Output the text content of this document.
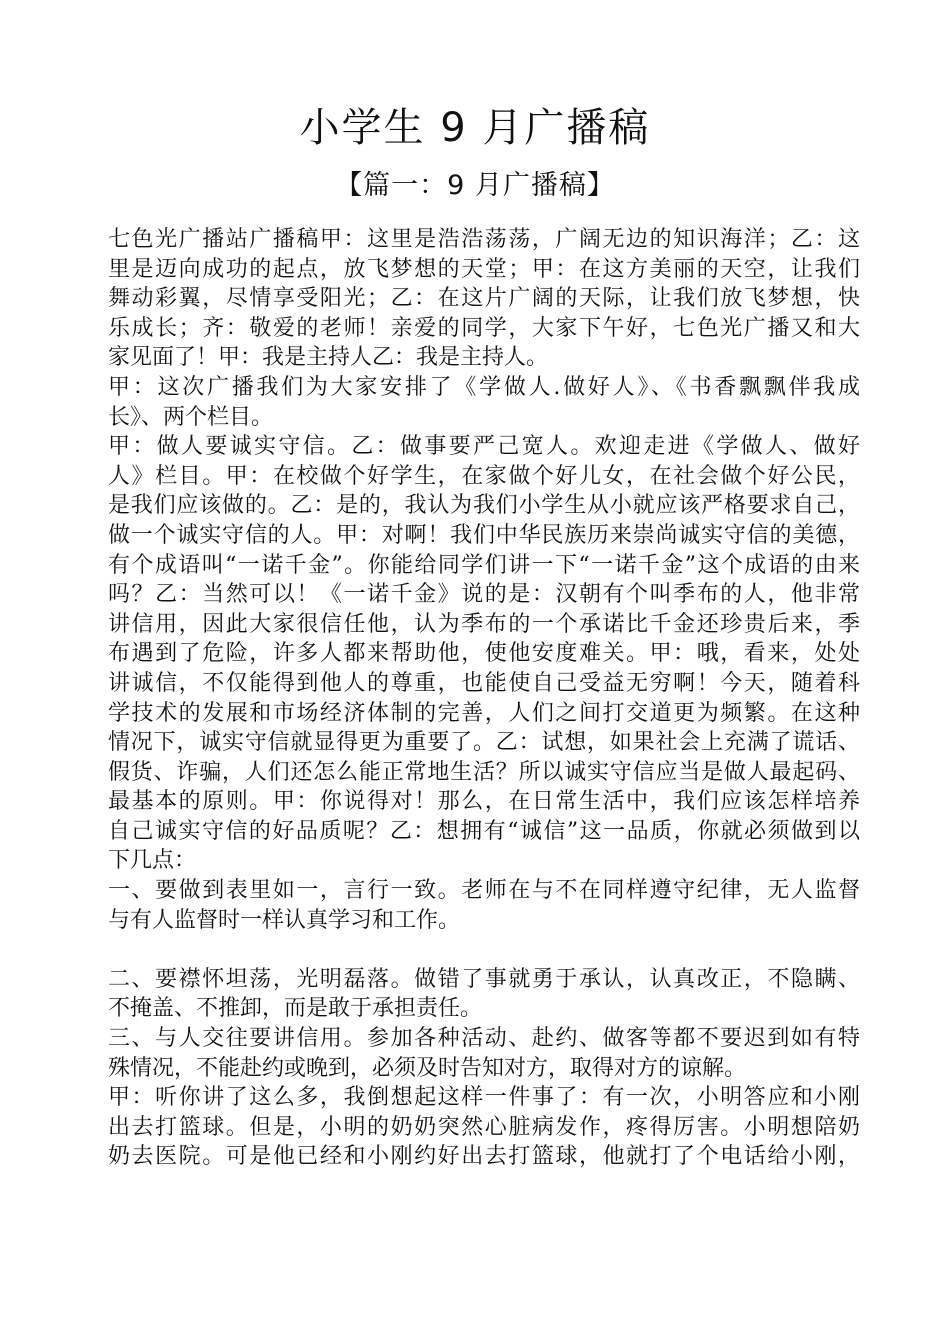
小学生 9 月广播稿
【篇一：9 月广播稿】
七色光广播站广播稿甲：这里是浩浩荡荡，广阔无边的知识海洋；乙：这
里是迈向成功的起点，放飞梦想的天堂；甲：在这方美丽的天空，让我们
舞动彩翼，尽情享受阳光；乙：在这片广阔的天际，让我们放飞梦想，快
乐成长；齐：敬爱的老师！亲爱的同学，大家下午好，七色光广播又和大
家见面了！甲：我是主持人乙：我是主持人。
甲：这次广播我们为大家安排了《学做人.做好人》、《书香飘飘伴我成
长》、两个栏目。
甲：做人要诚实守信。乙：做事要严己宽人。欢迎走进《学做人、做好
人》栏目。甲：在校做个好学生，在家做个好儿女，在社会做个好公民，
是我们应该做的。乙：是的，我认为我们小学生从小就应该严格要求自己，
做一个诚实守信的人。甲：对啊！我们中华民族历来崇尚诚实守信的美德，
有个成语叫“一诺千金”。你能给同学们讲一下“一诺千金”这个成语的由来
吗？乙：当然可以！《一诺千金》说的是：汉朝有个叫季布的人，他非常
讲信用，因此大家很信任他，认为季布的一个承诺比千金还珍贵后来，季
布遇到了危险，许多人都来帮助他，使他安度难关。甲：哦，看来，处处
讲诚信，不仅能得到他人的尊重，也能使自己受益无穷啊！今天，随着科
学技术的发展和市场经济体制的完善，人们之间打交道更为频繁。在这种
情况下，诚实守信就显得更为重要了。乙：试想，如果社会上充满了谎话、
假货、诈骗，人们还怎么能正常地生活？所以诚实守信应当是做人最起码、
最基本的原则。甲：你说得对！那么，在日常生活中，我们应该怎样培养
自己诚实守信的好品质呢？乙：想拥有“诚信”这一品质，你就必须做到以
下几点：
一、要做到表里如一，言行一致。老师在与不在同样遵守纪律，无人监督
与有人监督时一样认真学习和工作。
二、要襟怀坦荡，光明磊落。做错了事就勇于承认，认真改正，不隐瞒、
不掩盖、不推卸，而是敢于承担责任。
三、与人交往要讲信用。参加各种活动、赴约、做客等都不要迟到如有特
殊情况，不能赴约或晚到，必须及时告知对方，取得对方的谅解。
甲：听你讲了这么多，我倒想起这样一件事了：有一次，小明答应和小刚
出去打篮球。但是，小明的奶奶突然心脏病发作，疼得厉害。小明想陪奶
奶去医院。可是他已经和小刚约好出去打篮球，他就打了个电话给小刚，
